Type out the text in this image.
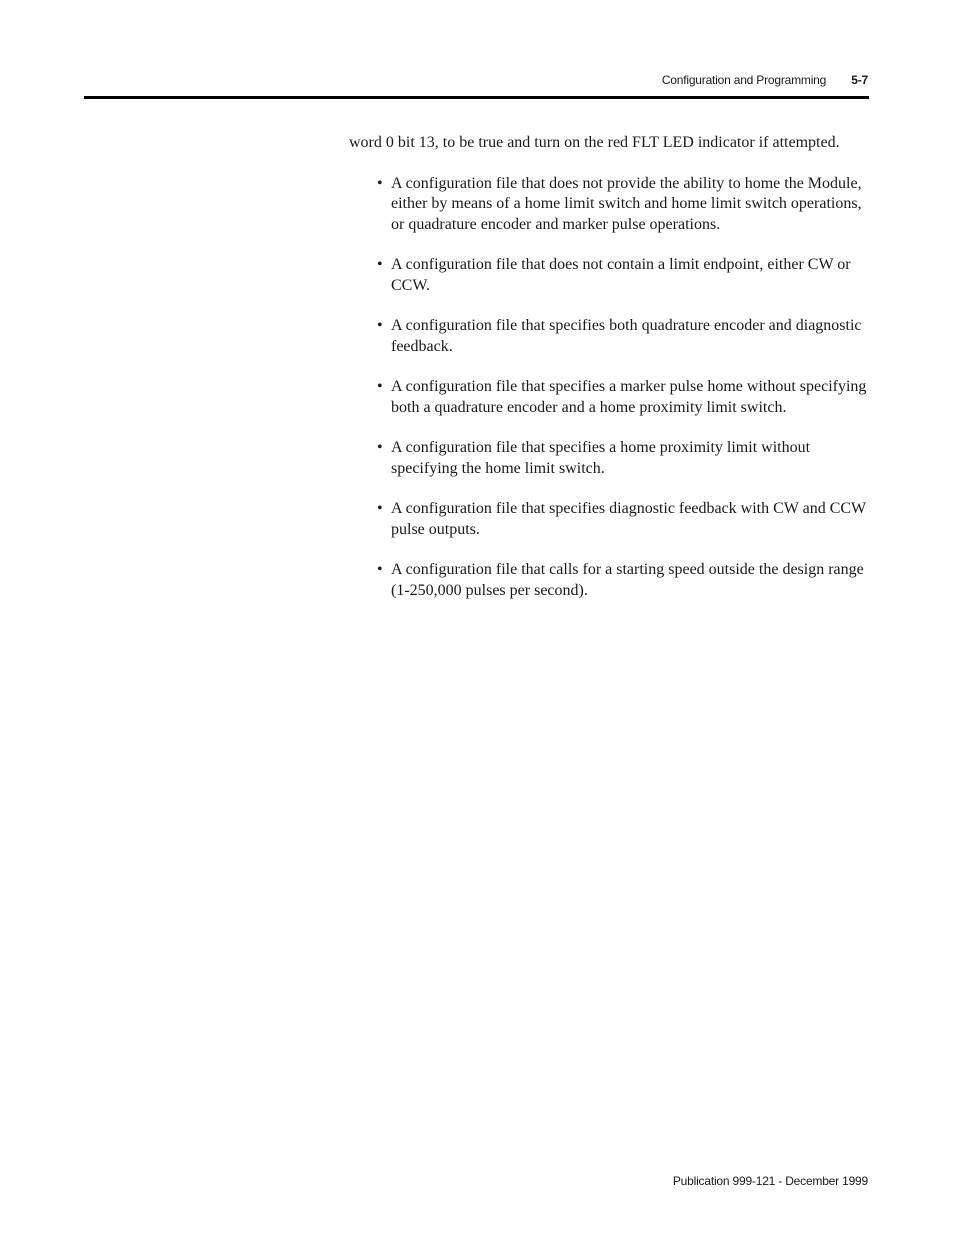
Configuration and Programming 5-7

word 0 bit 13, to be true and turn on the red FLT LED indicator if attempted.

• A configuration file that does not provide the ability to home the Module, either by means of a home limit switch and home limit switch operations, or quadrature encoder and marker pulse operations.
• A configuration file that does not contain a limit endpoint, either CW or CCW.
• A configuration file that specifies both quadrature encoder and diagnostic feedback.
• A configuration file that specifies a marker pulse home without specifying both a quadrature encoder and a home proximity limit switch.
• A configuration file that specifies a home proximity limit without specifying the home limit switch.
• A configuration file that specifies diagnostic feedback with CW and CCW pulse outputs.
• A configuration file that calls for a starting speed outside the design range (1-250,000 pulses per second).
Publication 999-121 - December 1999
